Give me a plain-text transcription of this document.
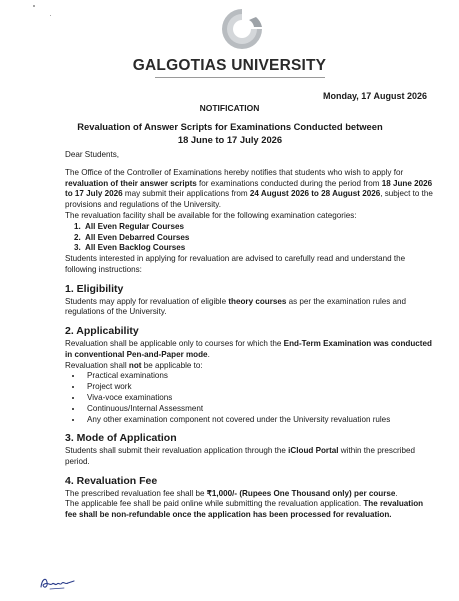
GALGOTIAS UNIVERSITY
Monday, 17 August 2026
NOTIFICATION
Revaluation of Answer Scripts for Examinations Conducted between
18 June to 17 July 2026

Dear Students,

The Office of the Controller of Examinations hereby notifies that students who wish to apply for revaluation of their answer scripts for examinations conducted during the period from 18 June 2026 to 17 July 2026 may submit their applications from 24 August 2026 to 28 August 2026, subject to the provisions and regulations of the University.

The revaluation facility shall be available for the following examination categories:

1. All Even Regular Courses
2. All Even Debarred Courses
3. All Even Backlog Courses

Students interested in applying for revaluation are advised to carefully read and understand the following instructions:

1. Eligibility

Students may apply for revaluation of eligible theory courses as per the examination rules and regulations of the University.

2. Applicability

Revaluation shall be applicable only to courses for which the End-Term Examination was conducted in conventional Pen-and-Paper mode.

Revaluation shall not be applicable to:

• Practical examinations
• Project work
• Viva-voce examinations
• Continuous/Internal Assessment
• Any other examination component not covered under the University revaluation rules
3. Mode of Application

Students shall submit their revaluation application through the iCloud Portal within the prescribed period.

4. Revaluation Fee

The prescribed revaluation fee shall be ₹1,000/- (Rupees One Thousand only) per course.

The applicable fee shall be paid online while submitting the revaluation application. The revaluation fee shall be non-refundable once the application has been processed for revaluation.
